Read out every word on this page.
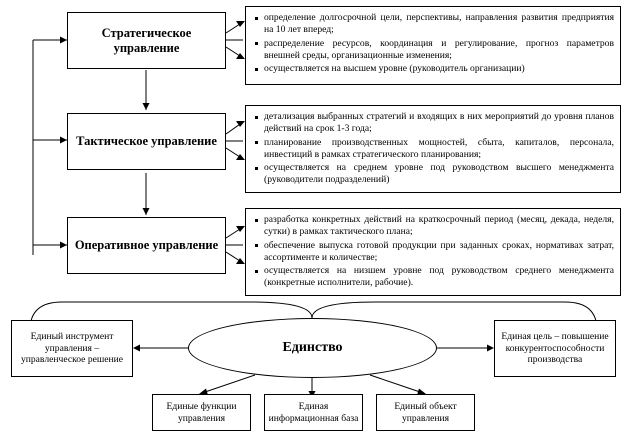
Стратегическое управление
Тактическое управление
Оперативное управление
определение долгосрочной цели, перспективы, направления развития предприятия на 10 лет вперед;
распределение ресурсов, координация и регулирование, прогноз параметров внешней среды, организационные изменения;
осуществляется на высшем уровне (руководитель организации)
детализация выбранных стратегий и входящих в них мероприятий до уровня планов действий на срок 1-3 года;
планирование производственных мощностей, сбыта, капиталов, персонала, инвестиций в рамках стратегического планирования;
осуществляется на среднем уровне под руководством высшего менеджмента (руководители подразделений)
разработка конкретных действий на краткосрочный период (месяц, декада, неделя, сутки) в рамках тактического плана;
обеспечение выпуска готовой продукции при заданных сроках, нормативах затрат, ассортименте и количестве;
осуществляется на низшем уровне под руководством среднего менеджмента (конкретные исполнители, рабочие).
Единство
Единый инструмент управления – управленческое решение
Единая цель – повышение конкурентоспособности производства
Единые функции управления
Единая информационная база
Единый объект управления
